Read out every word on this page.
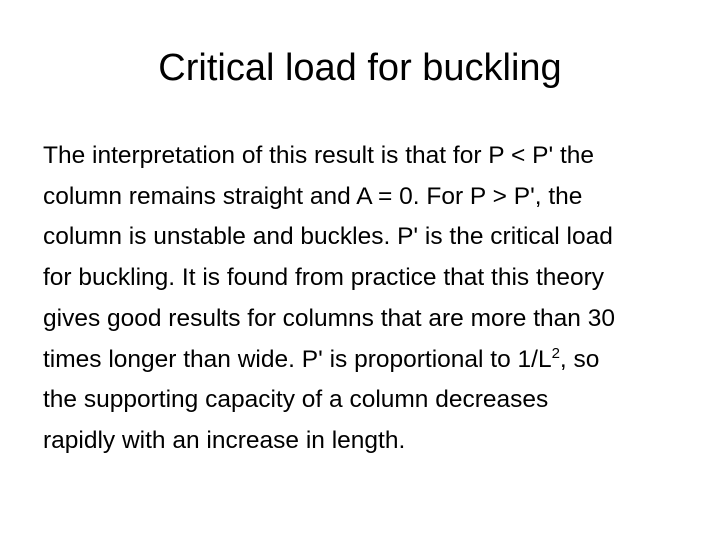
Critical load for buckling
The interpretation of this result is that for P < P' the
column remains straight and A = 0. For P > P', the
column is unstable and buckles. P' is the critical load
for buckling. It is found from practice that this theory
gives good results for columns that are more than 30
times longer than wide. P' is proportional to $1/L^2$, so
the supporting capacity of a column decreases
rapidly with an increase in length.
